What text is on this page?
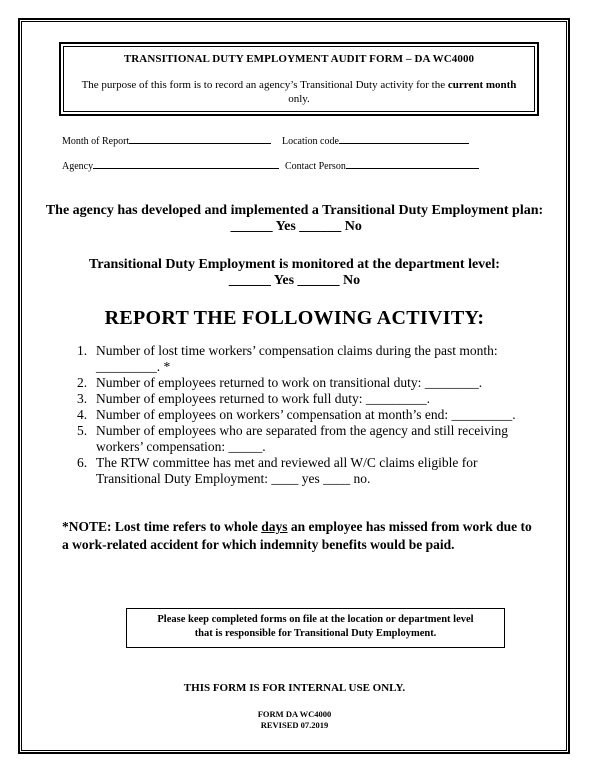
TRANSITIONAL DUTY EMPLOYMENT AUDIT FORM – DA WC4000
The purpose of this form is to record an agency’s Transitional Duty activity for the current month only.
Month of Report	Location code
Agency	Contact Person
The agency has developed and implemented a Transitional Duty Employment plan:  ______ Yes ______ No
Transitional Duty Employment is monitored at the department level:
______ Yes ______ No
REPORT THE FOLLOWING ACTIVITY:
1. Number of lost time workers’ compensation claims during the past month: _________. *
2. Number of employees returned to work on transitional duty: ________.
3. Number of employees returned to work full duty: _________.
4. Number of employees on workers’ compensation at month’s end: _________.
5. Number of employees who are separated from the agency and still receiving workers’ compensation: _____.
6. The RTW committee has met and reviewed all W/C claims eligible for Transitional Duty Employment: ____ yes ____ no.
*NOTE: Lost time refers to whole days an employee has missed from work due to a work-related accident for which indemnity benefits would be paid.
Please keep completed forms on file at the location or department level
that is responsible for Transitional Duty Employment.
THIS FORM IS FOR INTERNAL USE ONLY.
FORM DA WC4000
REVISED 07.2019
